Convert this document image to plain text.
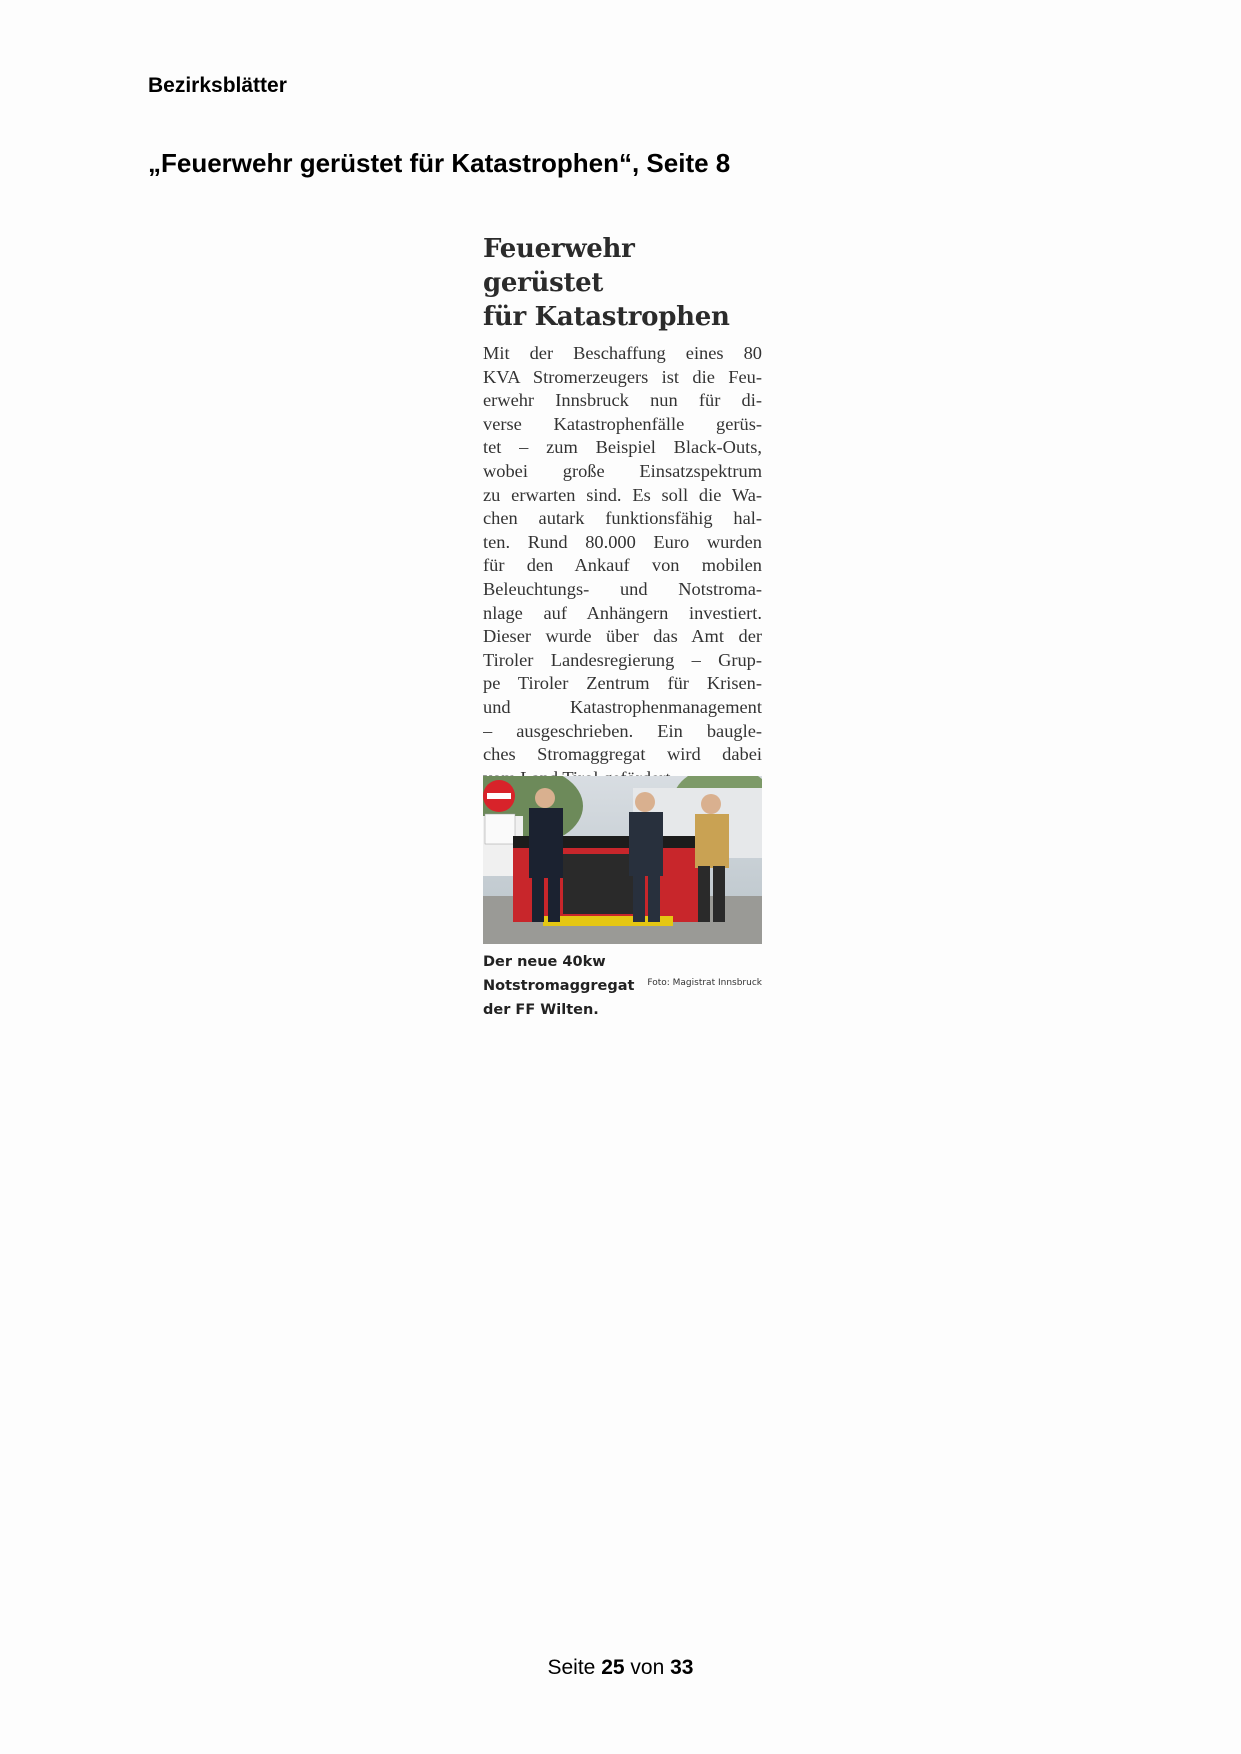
Bezirksblätter
„Feuerwehr gerüstet für Katastrophen“, Seite 8
Feuerwehr gerüstet
für Katastrophen
Mit der Beschaffung eines 80
KVA Stromerzeugers ist die Feu-
erwehr Innsbruck nun für di-
verse Katastrophenfälle gerüs-
tet – zum Beispiel Black-Outs,
wobei große Einsatzspektrum
zu erwarten sind. Es soll die Wa-
chen autark funktionsfähig hal-
ten. Rund 80.000 Euro wurden
für den Ankauf von mobilen
Beleuchtungs- und Notstroma-
nlage auf Anhängern investiert.
Dieser wurde über das Amt der
Tiroler Landesregierung – Grup-
pe Tiroler Zentrum für Krisen-
und Katastrophenmanagement
– ausgeschrieben. Ein baugle-
ches Stromaggregat wird dabei
Der neue 40kw Notstromaggregat
der FF Wilten.
Foto: Magistrat Innsbruck
Seite 25 von 33
